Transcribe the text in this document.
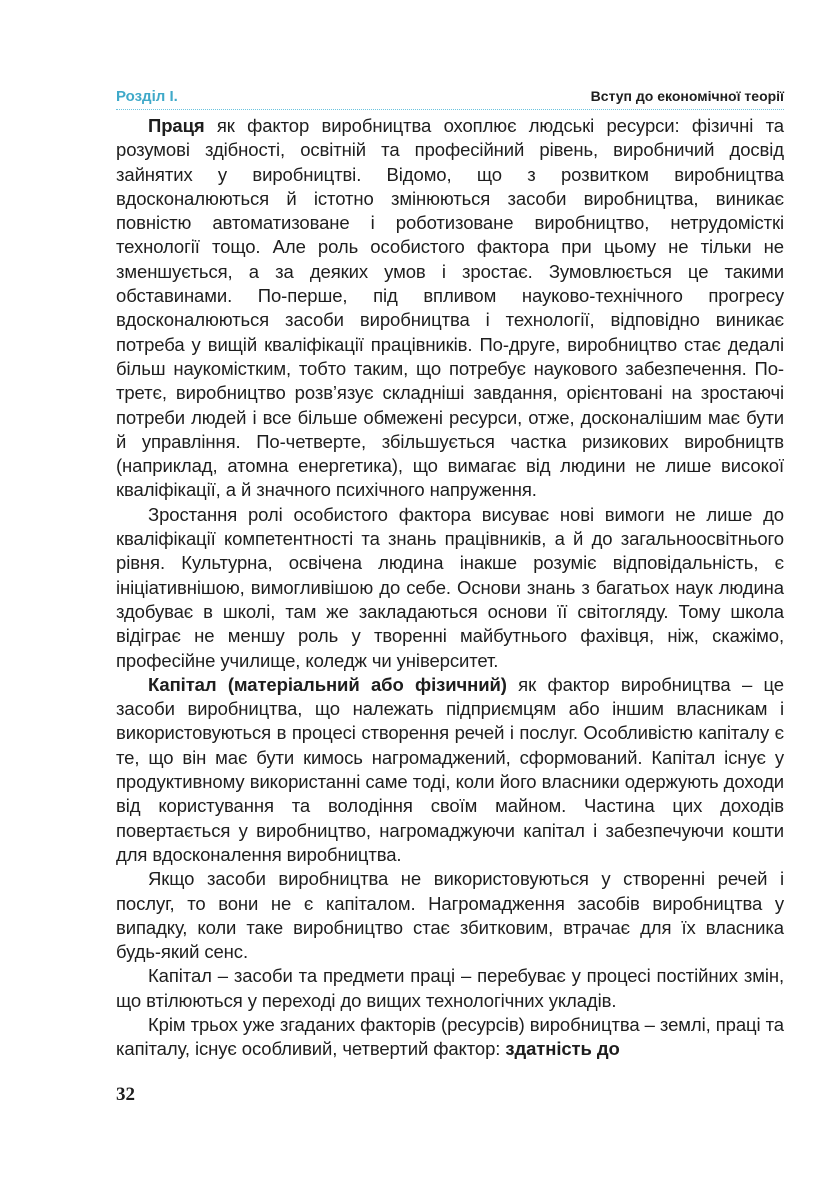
Розділ І.	Вступ до економічної теорії

Праця як фактор виробництва охоплює людські ресурси: фізичні та розумові здібності, освітній та професійний рівень, виробничий досвід зайнятих у виробництві. Відомо, що з розвитком виробництва вдосконалюються й істотно змінюються засоби виробництва, виникає повністю автоматизоване і роботизоване виробництво, нетрудомісткі технології тощо. Але роль особистого фактора при цьому не тільки не зменшується, а за деяких умов і зростає. Зумовлюється це такими обставинами. По-перше, під впливом науково-технічного прогресу вдосконалюються засоби виробництва і технології, відповідно виникає потреба у вищій кваліфікації працівників. По-друге, виробництво стає дедалі більш наукомістким, тобто таким, що потребує наукового забезпечення. По-третє, виробництво розв’язує складніші завдання, орієнтовані на зростаючі потреби людей і все більше обмежені ресурси, отже, досконалішим має бути й управління. По-четверте, збільшується частка ризикових виробництв (наприклад, атомна енергетика), що вимагає від людини не лише високої кваліфікації, а й значного психічного напруження.

Зростання ролі особистого фактора висуває нові вимоги не лише до кваліфікації компетентності та знань працівників, а й до загальноосвітнього рівня. Культурна, освічена людина інакше розуміє відповідальність, є ініціативнішою, вимогливішою до себе. Основи знань з багатьох наук людина здобуває в школі, там же закладаються основи її світогляду. Тому школа відіграє не меншу роль у творенні майбутнього фахівця, ніж, скажімо, професійне училище, коледж чи університет.

Капітал (матеріальний або фізичний) як фактор виробництва – це засоби виробництва, що належать підприємцям або іншим власникам і використовуються в процесі створення речей і послуг. Особливістю капіталу є те, що він має бути кимось нагромаджений, сформований. Капітал існує у продуктивному використанні саме тоді, коли його власники одержують доходи від користування та володіння своїм майном. Частина цих доходів повертається у виробництво, нагромаджуючи капітал і забезпечуючи кошти для вдосконалення виробництва.

Якщо засоби виробництва не використовуються у створенні речей і послуг, то вони не є капіталом. Нагромадження засобів виробництва у випадку, коли таке виробництво стає збитковим, втрачає для їх власника будь-який сенс.

Капітал – засоби та предмети праці – перебуває у процесі постійних змін, що втілюються у переході до вищих технологічних укладів.

Крім трьох уже згаданих факторів (ресурсів) виробництва – землі, праці та капіталу, існує особливий, четвертий фактор: здатність до

32
